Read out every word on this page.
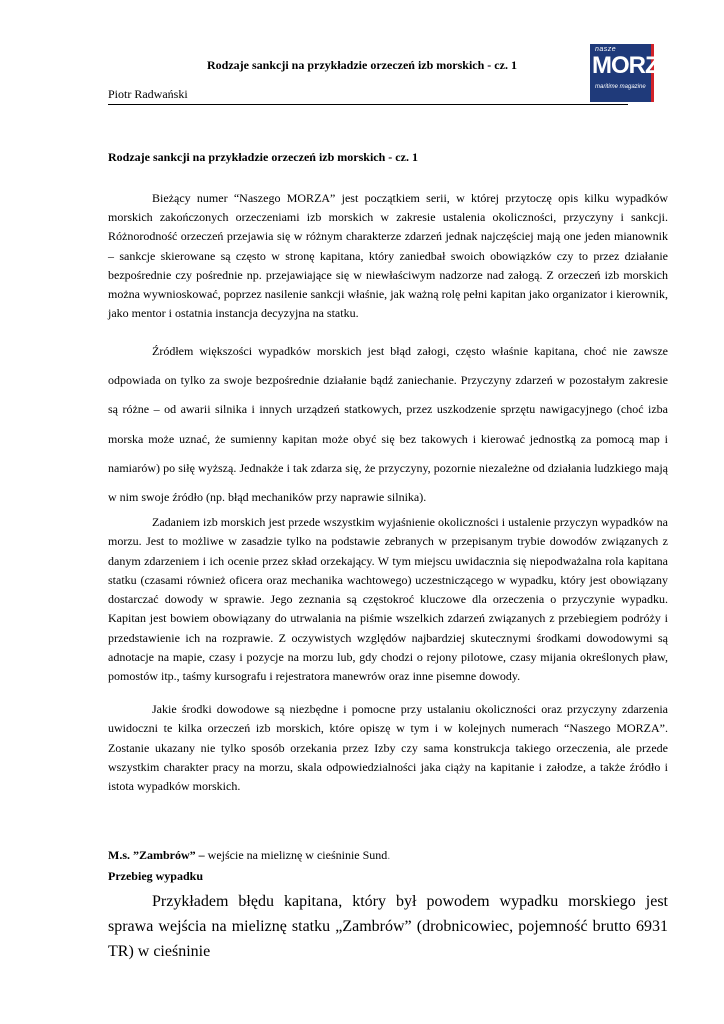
Rodzaje sankcji na przykładzie orzeczeń izb morskich - cz. 1
Piotr Radwański
nasze
MORZE
maritime magazine
Rodzaje sankcji na przykładzie orzeczeń izb morskich - cz. 1

Bieżący numer “Naszego MORZA” jest początkiem serii, w której przytoczę opis kilku wypadków morskich zakończonych orzeczeniami izb morskich w zakresie ustalenia okoliczności, przyczyny i sankcji. Różnorodność orzeczeń przejawia się w różnym charakterze zdarzeń jednak najczęściej mają one jeden mianownik – sankcje skierowane są często w stronę kapitana, który zaniedbał swoich obowiązków czy to przez działanie bezpośrednie czy pośrednie np. przejawiające się w niewłaściwym nadzorze nad załogą. Z orzeczeń izb morskich można wywnioskować, poprzez nasilenie sankcji właśnie, jak ważną rolę pełni kapitan jako organizator i kierownik, jako mentor i ostatnia instancja decyzyjna na statku.

Źródłem większości wypadków morskich jest błąd załogi, często właśnie kapitana, choć nie zawsze odpowiada on tylko za swoje bezpośrednie działanie bądź zaniechanie. Przyczyny zdarzeń w pozostałym zakresie są różne – od awarii silnika i innych urządzeń statkowych, przez uszkodzenie sprzętu nawigacyjnego (choć izba morska może uznać, że sumienny kapitan może obyć się bez takowych i kierować jednostką za pomocą map i namiarów) po siłę wyższą. Jednakże i tak zdarza się, że przyczyny, pozornie niezależne od działania ludzkiego mają w nim swoje źródło (np. błąd mechaników przy naprawie silnika).

Zadaniem izb morskich jest przede wszystkim wyjaśnienie okoliczności i ustalenie przyczyn wypadków na morzu. Jest to możliwe w zasadzie tylko na podstawie zebranych w przepisanym trybie dowodów związanych z danym zdarzeniem i ich ocenie przez skład orzekający. W tym miejscu uwidacznia się niepodważalna rola kapitana statku (czasami również oficera oraz mechanika wachtowego) uczestniczącego w wypadku, który jest obowiązany dostarczać dowody w sprawie. Jego zeznania są częstokroć kluczowe dla orzeczenia o przyczynie wypadku. Kapitan jest bowiem obowiązany do utrwalania na piśmie wszelkich zdarzeń związanych z przebiegiem podróży i przedstawienie ich na rozprawie. Z oczywistych względów najbardziej skutecznymi środkami dowodowymi są adnotacje na mapie, czasy i pozycje na morzu lub, gdy chodzi o rejony pilotowe, czasy mijania określonych pław, pomostów itp., taśmy kursografu i rejestratora manewrów oraz inne pisemne dowody.

Jakie środki dowodowe są niezbędne i pomocne przy ustalaniu okoliczności oraz przyczyny zdarzenia uwidoczni te kilka orzeczeń izb morskich, które opiszę w tym i w kolejnych numerach “Naszego MORZA”. Zostanie ukazany nie tylko sposób orzekania przez Izby czy sama konstrukcja takiego orzeczenia, ale przede wszystkim charakter pracy na morzu, skala odpowiedzialności jaka ciąży na kapitanie i załodze, a także źródło i istota wypadków morskich.

M.s. ”Zambrów” – wejście na mieliznę w cieśninie Sund.
Przebieg wypadku

Przykładem błędu kapitana, który był powodem wypadku morskiego jest sprawa wejścia na mieliznę statku „Zambrów” (drobnicowiec, pojemność brutto 6931 TR) w cieśninie
